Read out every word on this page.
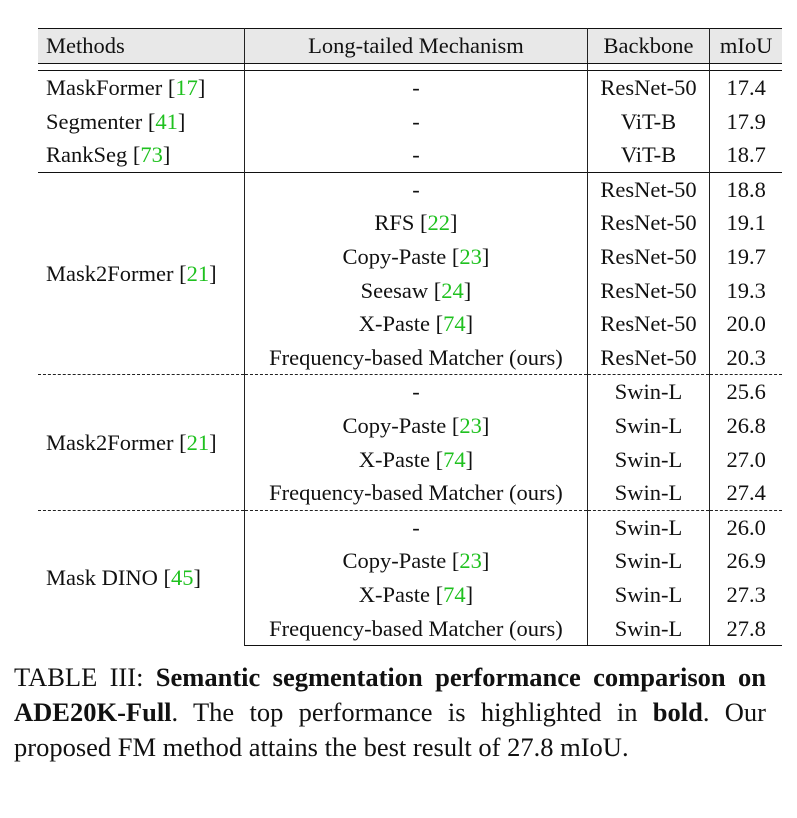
Methods	Long-tailed Mechanism	Backbone	mIoU

MaskFormer [17]	-	ResNet-50	17.4
Segmenter [41]	-	ViT-B	17.9
RankSeg [73]	-	ViT-B	18.7
Mask2Former [21]	-	ResNet-50	18.8
	RFS [22]	ResNet-50	19.1
	Copy-Paste [23]	ResNet-50	19.7
	Seesaw [24]	ResNet-50	19.3
	X-Paste [74]	ResNet-50	20.0
	Frequency-based Matcher (ours)	ResNet-50	20.3
Mask2Former [21]	-	Swin-L	25.6
	Copy-Paste [23]	Swin-L	26.8
	X-Paste [74]	Swin-L	27.0
	Frequency-based Matcher (ours)	Swin-L	27.4
Mask DINO [45]	-	Swin-L	26.0
	Copy-Paste [23]	Swin-L	26.9
	X-Paste [74]	Swin-L	27.3
	Frequency-based Matcher (ours)	Swin-L	27.8
TABLE III: Semantic segmentation performance comparison on ADE20K-Full. The top performance is highlighted in bold. Our proposed FM method attains the best result of 27.8 mIoU.
